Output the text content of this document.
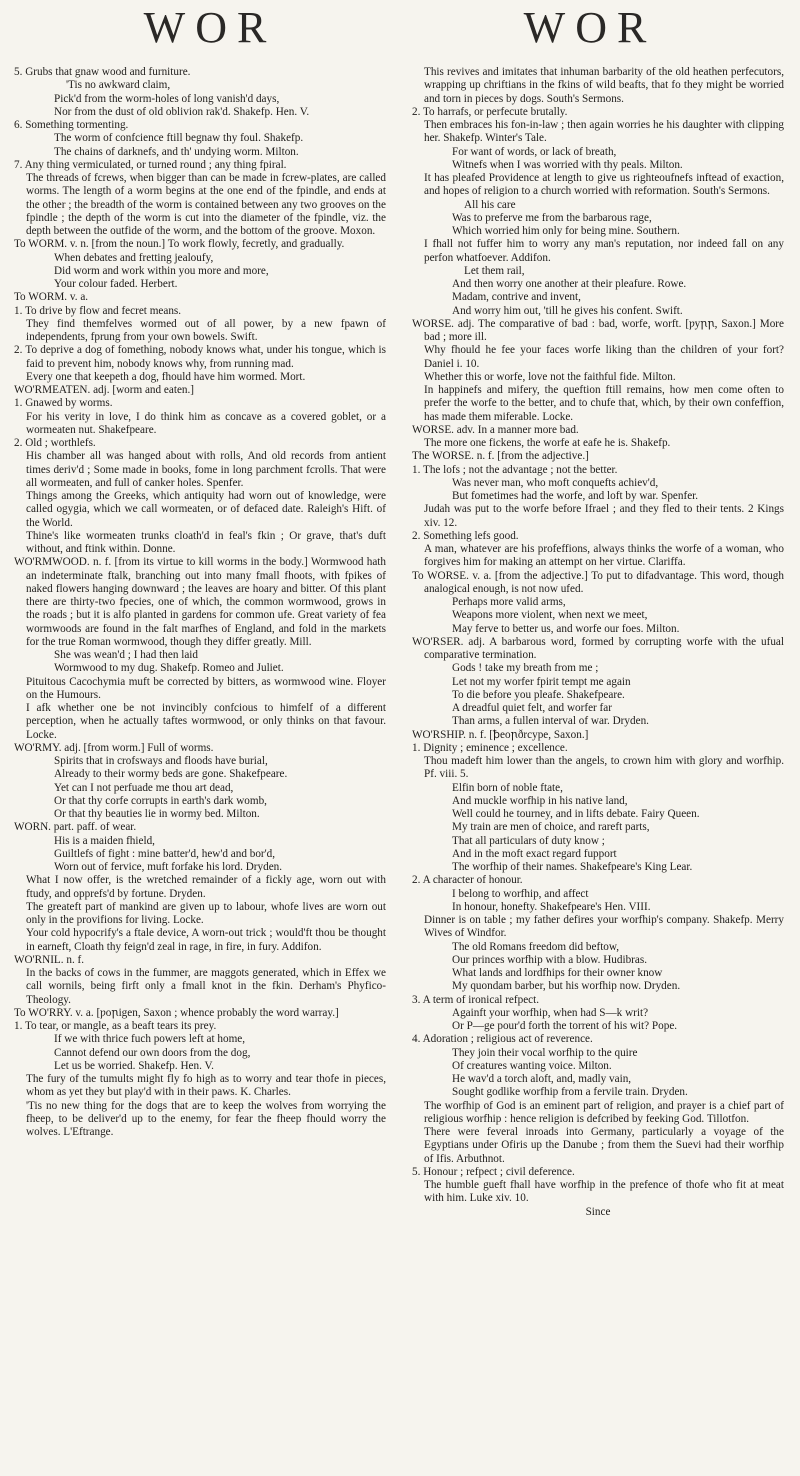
WOR	WOR

5. Grubs that gnaw wood and furniture.

'Tis no awkward claim,

Pick'd from the worm-holes of long vanish'd days,

Nor from the dust of old oblivion rak'd. Shakefp. Hen. V.

6. Something tormenting.

The worm of confcience ftill begnaw thy foul. Shakefp.

The chains of darknefs, and th' undying worm. Milton.

7. Any thing vermiculated, or turned round ; any thing fpiral.

The threads of fcrews, when bigger than can be made in fcrew-plates, are called worms. The length of a worm begins at the one end of the fpindle, and ends at the other ; the breadth of the worm is contained between any two grooves on the fpindle ; the depth of the worm is cut into the diameter of the fpindle, viz. the depth between the outfide of the worm, and the bottom of the groove. Moxon.

To WORM. v. n. [from the noun.] To work flowly, fecretly, and gradually.

When debates and fretting jealoufy,

Did worm and work within you more and more,

Your colour faded. Herbert.

To WORM. v. a.

1. To drive by flow and fecret means.

They find themfelves wormed out of all power, by a new fpawn of independents, fprung from your own bowels. Swift.

2. To deprive a dog of fomething, nobody knows what, under his tongue, which is faid to prevent him, nobody knows why, from running mad.

Every one that keepeth a dog, fhould have him wormed. Mort.

WO'RMEATEN. adj. [worm and eaten.]

1. Gnawed by worms.

For his verity in love, I do think him as concave as a covered goblet, or a wormeaten nut. Shakefpeare.

2. Old ; worthlefs.

His chamber all was hanged about with rolls, And old records from antient times deriv'd ; Some made in books, fome in long parchment fcrolls. That were all wormeaten, and full of canker holes. Spenfer.

Things among the Greeks, which antiquity had worn out of knowledge, were called ogygia, which we call wormeaten, or of defaced date. Raleigh's Hift. of the World.

Thine's like wormeaten trunks cloath'd in feal's fkin ; Or grave, that's duft without, and ftink within. Donne.

WO'RMWOOD. n. f. [from its virtue to kill worms in the body.] Wormwood hath an indeterminate ftalk, branching out into many fmall fhoots, with fpikes of naked flowers hanging downward ; the leaves are hoary and bitter. Of this plant there are thirty-two fpecies, one of which, the common wormwood, grows in the roads ; but it is alfo planted in gardens for common ufe. Great variety of fea wormwoods are found in the falt marfhes of England, and fold in the markets for the true Roman wormwood, though they differ greatly. Mill.

She was wean'd ; I had then laid

Wormwood to my dug. Shakefp. Romeo and Juliet.

Pituitous Cacochymia muft be corrected by bitters, as wormwood wine. Floyer on the Humours.

I afk whether one be not invincibly confcious to himfelf of a different perception, when he actually taftes wormwood, or only thinks on that favour. Locke.

WO'RMY. adj. [from worm.] Full of worms.

Spirits that in crofsways and floods have burial,

Already to their wormy beds are gone. Shakefpeare.

Yet can I not perfuade me thou art dead,

Or that thy corfe corrupts in earth's dark womb,

Or that thy beauties lie in wormy bed. Milton.

WORN. part. paff. of wear.

His is a maiden fhield,

Guiltlefs of fight : mine batter'd, hew'd and bor'd,

Worn out of fervice, muft forfake his lord. Dryden.

What I now offer, is the wretched remainder of a fickly age, worn out with ftudy, and opprefs'd by fortune. Dryden.

The greateft part of mankind are given up to labour, whofe lives are worn out only in the provifions for living. Locke.

Your cold hypocrify's a ftale device, A worn-out trick ; would'ft thou be thought in earneft, Cloath thy feign'd zeal in rage, in fire, in fury. Addifon.

WO'RNIL. n. f.

In the backs of cows in the fummer, are maggots generated, which in Effex we call wornils, being firft only a fmall knot in the fkin. Derham's Phyfico-Theology.

To WO'RRY. v. a. [ƿoꞃigen, Saxon ; whence probably the word warray.]

1. To tear, or mangle, as a beaft tears its prey.

If we with thrice fuch powers left at home,

Cannot defend our own doors from the dog,

Let us be worried. Shakefp. Hen. V.

The fury of the tumults might fly fo high as to worry and tear thofe in pieces, whom as yet they but play'd with in their paws. K. Charles.

'Tis no new thing for the dogs that are to keep the wolves from worrying the fheep, to be deliver'd up to the enemy, for fear the fheep fhould worry the wolves. L'Eftrange.

This revives and imitates that inhuman barbarity of the old heathen perfecutors, wrapping up chriftians in the fkins of wild beafts, that fo they might be worried and torn in pieces by dogs. South's Sermons.

2. To harrafs, or perfecute brutally.

Then embraces his fon-in-law ; then again worries he his daughter with clipping her. Shakefp. Winter's Tale.

For want of words, or lack of breath,

Witnefs when I was worried with thy peals. Milton.

It has pleafed Providence at length to give us righteoufnefs inftead of exaction, and hopes of religion to a church worried with reformation. South's Sermons.

All his care

Was to preferve me from the barbarous rage,

Which worried him only for being mine. Southern.

I fhall not fuffer him to worry any man's reputation, nor indeed fall on any perfon whatfoever. Addifon.

Let them rail,

And then worry one another at their pleafure. Rowe.

Madam, contrive and invent,

And worry him out, 'till he gives his confent. Swift.

WORSE. adj. The comparative of bad : bad, worfe, worft. [ƿyꞃꞃ, Saxon.] More bad ; more ill.

Why fhould he fee your faces worfe liking than the children of your fort? Daniel i. 10.

Whether this or worfe, love not the faithful fide. Milton.

In happinefs and mifery, the queftion ftill remains, how men come often to prefer the worfe to the better, and to chufe that, which, by their own confeffion, has made them miferable. Locke.

WORSE. adv. In a manner more bad.

The more one fickens, the worfe at eafe he is. Shakefp.

The WORSE. n. f. [from the adjective.]

1. The lofs ; not the advantage ; not the better.

Was never man, who moft conquefts achiev'd,

But fometimes had the worfe, and loft by war. Spenfer.

Judah was put to the worfe before Ifrael ; and they fled to their tents. 2 Kings xiv. 12.

2. Something lefs good.

A man, whatever are his profeffions, always thinks the worfe of a woman, who forgives him for making an attempt on her virtue. Clariffa.

To WORSE. v. a. [from the adjective.] To put to difadvantage. This word, though analogical enough, is not now ufed.

Perhaps more valid arms,

Weapons more violent, when next we meet,

May ferve to better us, and worfe our foes. Milton.

WO'RSER. adj. A barbarous word, formed by corrupting worfe with the ufual comparative termination.

Gods ! take my breath from me ;

Let not my worfer fpirit tempt me again

To die before you pleafe. Shakefpeare.

A dreadful quiet felt, and worfer far

Than arms, a fullen interval of war. Dryden.

WO'RSHIP. n. f. [ꝥeoꞃðrcype, Saxon.]

1. Dignity ; eminence ; excellence.

Thou madeft him lower than the angels, to crown him with glory and worfhip. Pf. viii. 5.

Elfin born of noble ftate,

And muckle worfhip in his native land,

Well could he tourney, and in lifts debate. Fairy Queen.

My train are men of choice, and rareft parts,

That all particulars of duty know ;

And in the moft exact regard fupport

The worfhip of their names. Shakefpeare's King Lear.

2. A character of honour.

I belong to worfhip, and affect

In honour, honefty. Shakefpeare's Hen. VIII.

Dinner is on table ; my father defires your worfhip's company. Shakefp. Merry Wives of Windfor.

The old Romans freedom did beftow,

Our princes worfhip with a blow. Hudibras.

What lands and lordfhips for their owner know

My quondam barber, but his worfhip now. Dryden.

3. A term of ironical refpect.

Againft your worfhip, when had S—k writ?

Or P—ge pour'd forth the torrent of his wit? Pope.

4. Adoration ; religious act of reverence.

They join their vocal worfhip to the quire

Of creatures wanting voice. Milton.

He wav'd a torch aloft, and, madly vain,

Sought godlike worfhip from a fervile train. Dryden.

The worfhip of God is an eminent part of religion, and prayer is a chief part of religious worfhip : hence religion is defcribed by feeking God. Tillotfon.

There were feveral inroads into Germany, particularly a voyage of the Egyptians under Ofiris up the Danube ; from them the Suevi had their worfhip of Ifis. Arbuthnot.

5. Honour ; refpect ; civil deference.

The humble gueft fhall have worfhip in the prefence of thofe who fit at meat with him. Luke xiv. 10.

Since
